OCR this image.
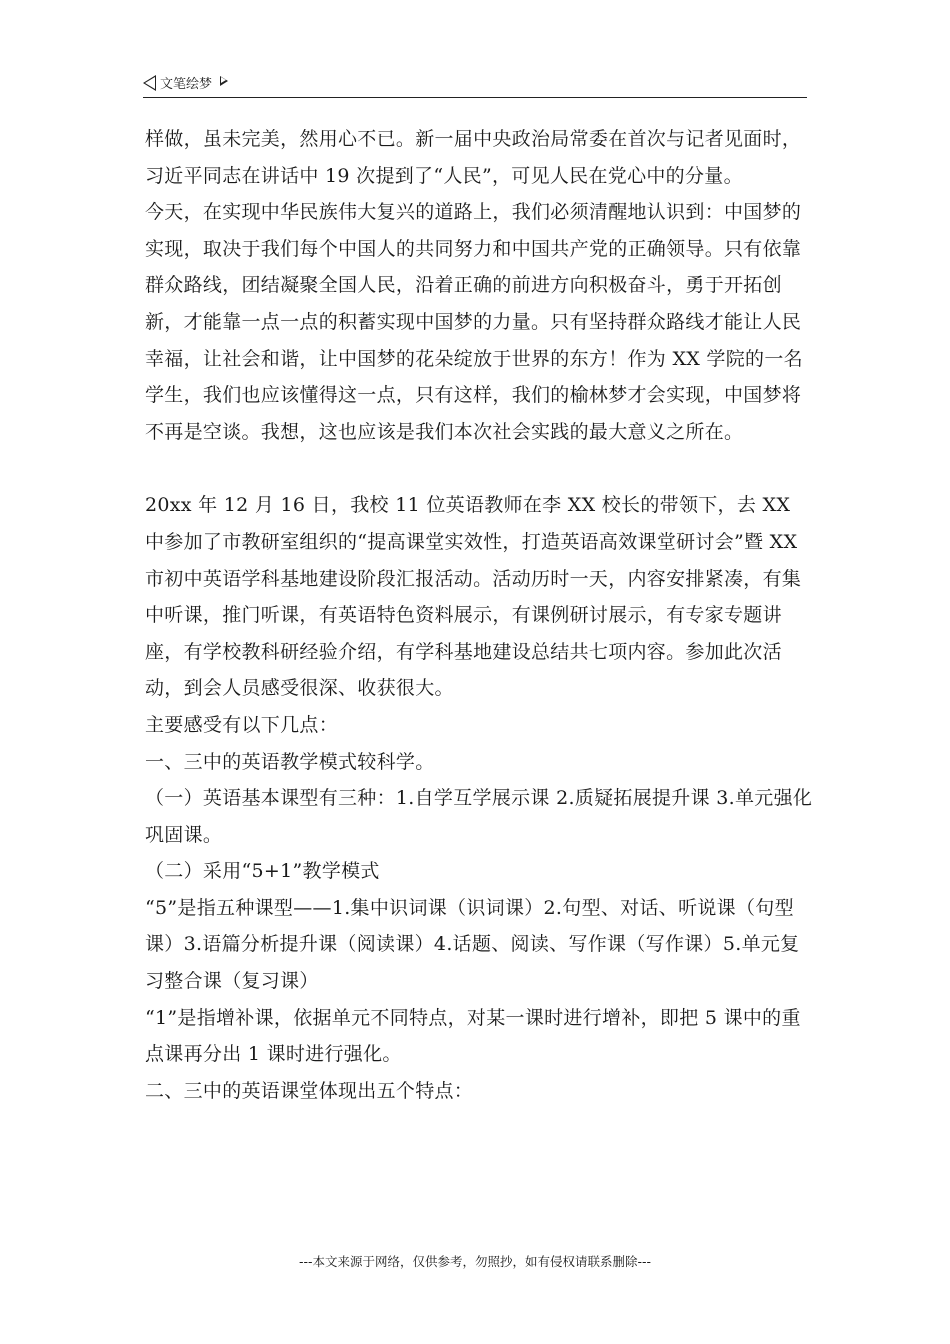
文笔绘梦

样做，虽未完美，然用心不已。新一届中央政治局常委在首次与记者见面时，习近平同志在讲话中 19 次提到了“人民”，可见人民在党心中的分量。

今天，在实现中华民族伟大复兴的道路上，我们必须清醒地认识到：中国梦的实现，取决于我们每个中国人的共同努力和中国共产党的正确领导。只有依靠群众路线，团结凝聚全国人民，沿着正确的前进方向积极奋斗，勇于开拓创新，才能靠一点一点的积蓄实现中国梦的力量。只有坚持群众路线才能让人民幸福，让社会和谐，让中国梦的花朵绽放于世界的东方！作为 XX 学院的一名学生，我们也应该懂得这一点，只有这样，我们的榆林梦才会实现，中国梦将不再是空谈。我想，这也应该是我们本次社会实践的最大意义之所在。

20xx 年 12 月 16 日，我校 11 位英语教师在李 XX 校长的带领下，去 XX 中参加了市教研室组织的“提高课堂实效性，打造英语高效课堂研讨会”暨 XX 市初中英语学科基地建设阶段汇报活动。活动历时一天，内容安排紧凑，有集中听课，推门听课，有英语特色资料展示，有课例研讨展示，有专家专题讲座，有学校教科研经验介绍，有学科基地建设总结共七项内容。参加此次活动，到会人员感受很深、收获很大。

主要感受有以下几点：

一、三中的英语教学模式较科学。

（一）英语基本课型有三种：1.自学互学展示课 2.质疑拓展提升课 3.单元强化巩固课。

（二）采用“5+1”教学模式

“5”是指五种课型——1.集中识词课（识词课）2.句型、对话、听说课（句型课）3.语篇分析提升课（阅读课）4.话题、阅读、写作课（写作课）5.单元复习整合课（复习课）

“1”是指增补课，依据单元不同特点，对某一课时进行增补，即把 5 课中的重点课再分出 1 课时进行强化。

二、三中的英语课堂体现出五个特点：

---本文来源于网络，仅供参考，勿照抄，如有侵权请联系删除---
